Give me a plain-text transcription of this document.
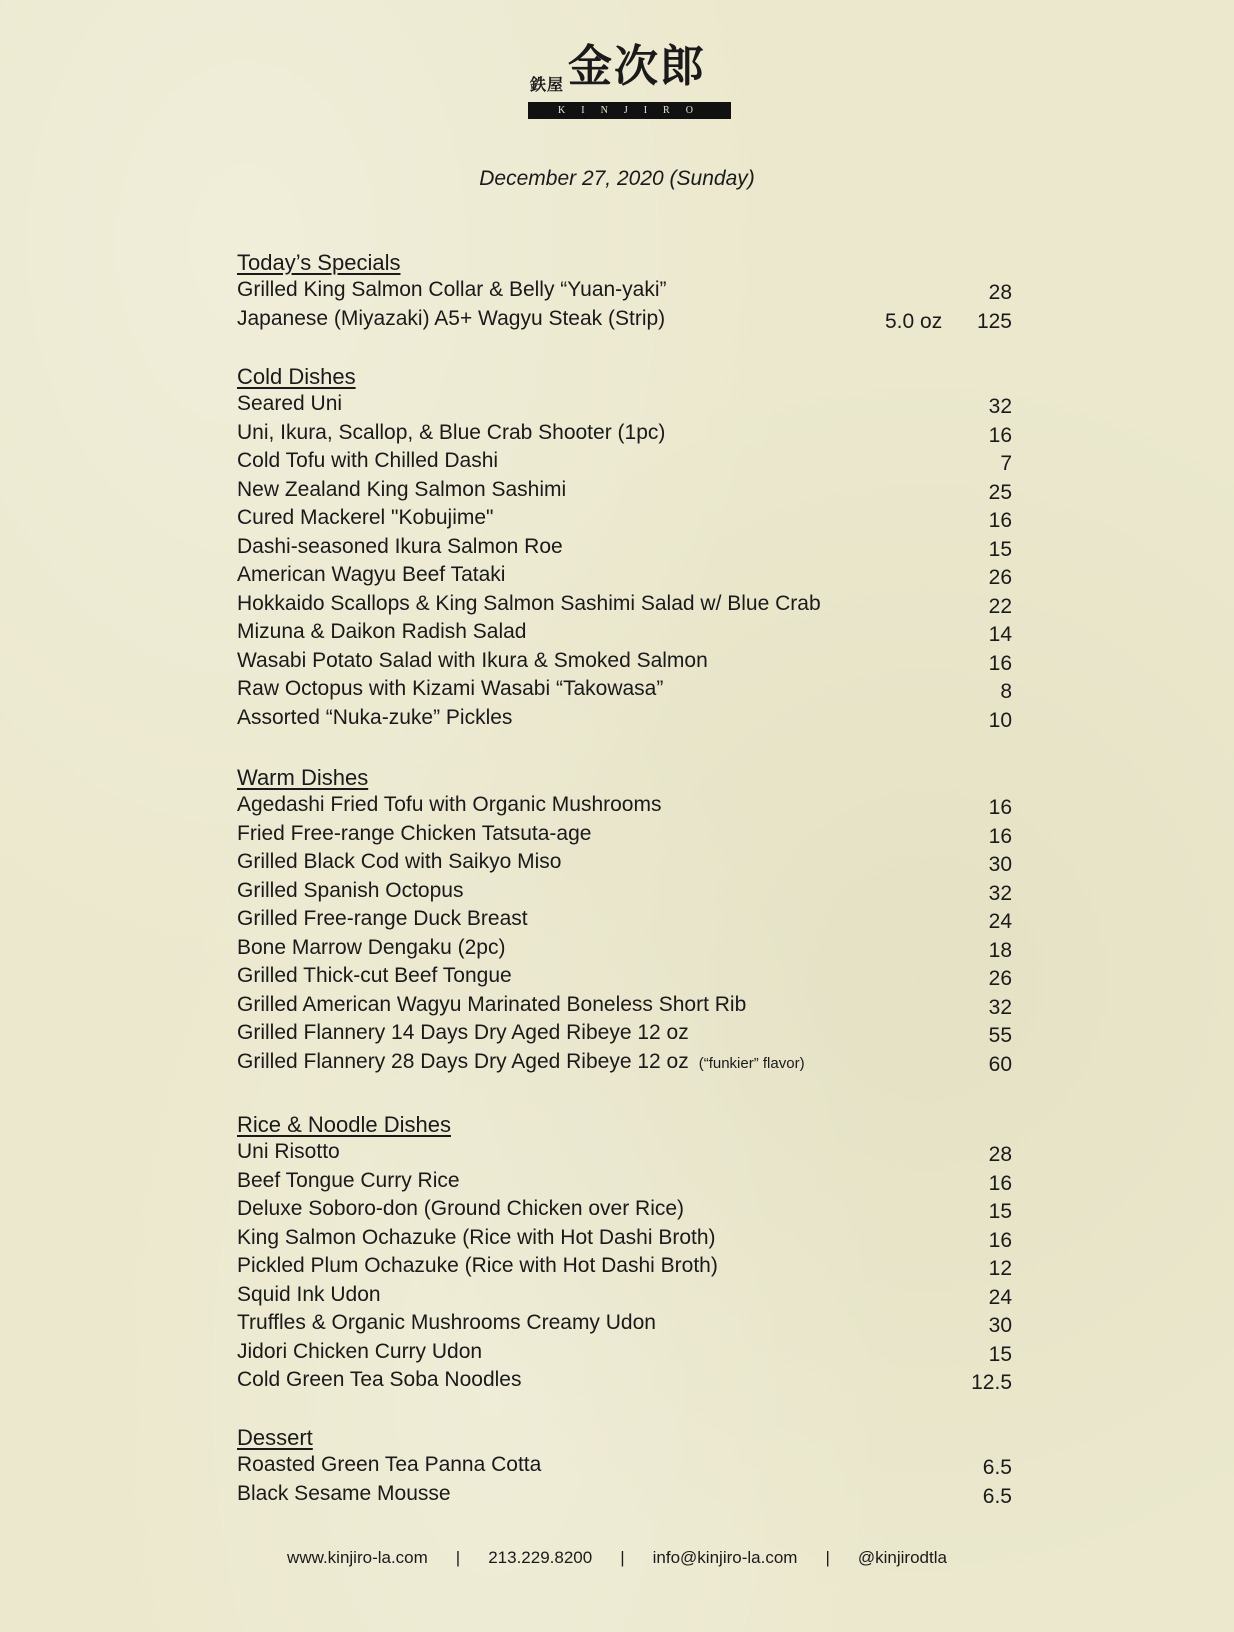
鉄屋 金次郎
KINJIRO
December 27, 2020 (Sunday)
Today’s Specials
Grilled King Salmon Collar & Belly “Yuan-yaki”	28
Japanese (Miyazaki) A5+ Wagyu Steak (Strip)	5.0 oz 125
Cold Dishes
Seared Uni	32
Uni, Ikura, Scallop, & Blue Crab Shooter (1pc)	16
Cold Tofu with Chilled Dashi	7
New Zealand King Salmon Sashimi	25
Cured Mackerel "Kobujime"	16
Dashi-seasoned Ikura Salmon Roe	15
American Wagyu Beef Tataki	26
Hokkaido Scallops & King Salmon Sashimi Salad w/ Blue Crab	22
Mizuna & Daikon Radish Salad	14
Wasabi Potato Salad with Ikura & Smoked Salmon	16
Raw Octopus with Kizami Wasabi “Takowasa”	8
Assorted “Nuka-zuke” Pickles	10
Warm Dishes
Agedashi Fried Tofu with Organic Mushrooms	16
Fried Free-range Chicken Tatsuta-age	16
Grilled Black Cod with Saikyo Miso	30
Grilled Spanish Octopus	32
Grilled Free-range Duck Breast	24
Bone Marrow Dengaku (2pc)	18
Grilled Thick-cut Beef Tongue	26
Grilled American Wagyu Marinated Boneless Short Rib	32
Grilled Flannery 14 Days Dry Aged Ribeye 12 oz	55
Grilled Flannery 28 Days Dry Aged Ribeye 12 oz (“funkier” flavor)	60
Rice & Noodle Dishes
Uni Risotto	28
Beef Tongue Curry Rice	16
Deluxe Soboro-don (Ground Chicken over Rice)	15
King Salmon Ochazuke (Rice with Hot Dashi Broth)	16
Pickled Plum Ochazuke (Rice with Hot Dashi Broth)	12
Squid Ink Udon	24
Truffles & Organic Mushrooms Creamy Udon	30
Jidori Chicken Curry Udon	15
Cold Green Tea Soba Noodles	12.5
Dessert
Roasted Green Tea Panna Cotta	6.5
Black Sesame Mousse	6.5
www.kinjiro-la.com | 213.229.8200 | info@kinjiro-la.com | @kinjirodtla
